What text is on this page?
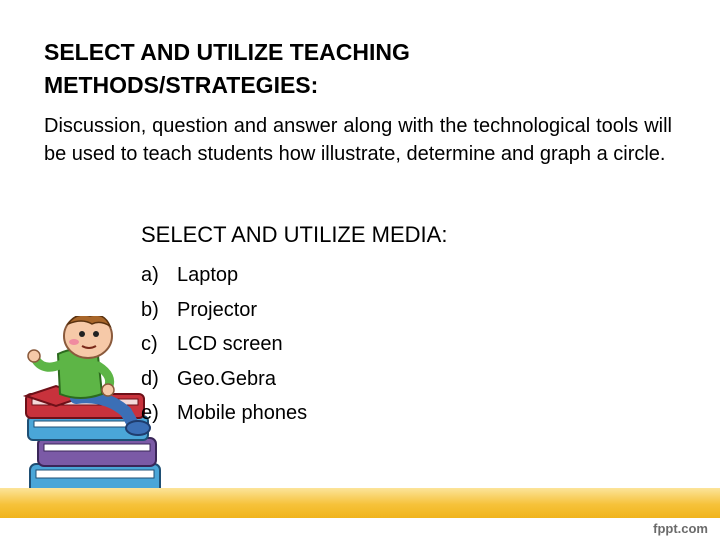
SELECT AND UTILIZE TEACHING
METHODS/STRATEGIES:
Discussion, question and answer along with the technological tools will be used to teach students how illustrate, determine and graph a circle.
SELECT AND UTILIZE MEDIA:
a) Laptop
b) Projector
c) LCD screen
d) Geo.Gebra
e) Mobile phones
fppt.com
